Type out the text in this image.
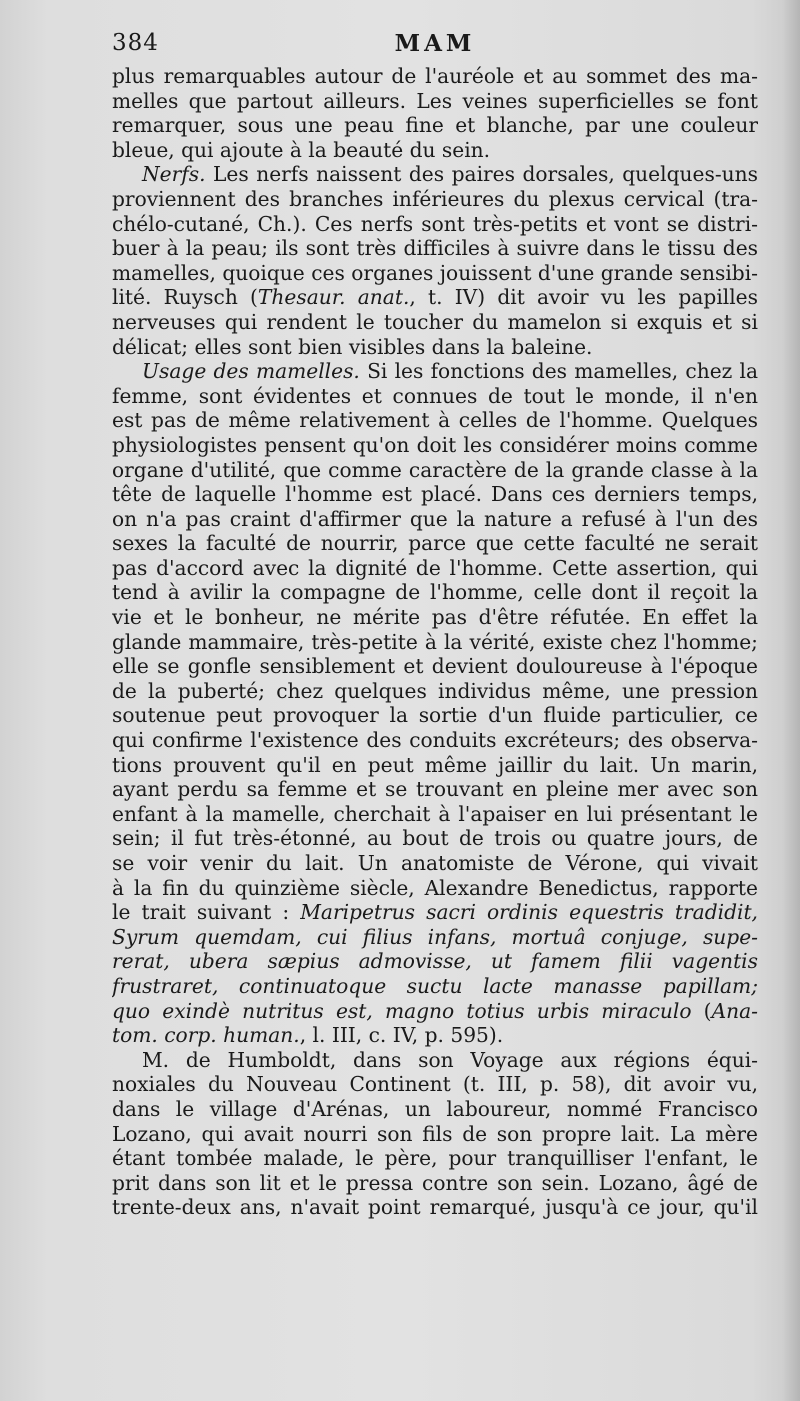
384	MAM
plus remarquables autour de l'auréole et au sommet des ma-
melles que partout ailleurs. Les veines superficielles se font
remarquer, sous une peau fine et blanche, par une couleur
bleue, qui ajoute à la beauté du sein.
Nerfs. Les nerfs naissent des paires dorsales, quelques-uns
proviennent des branches inférieures du plexus cervical (tra-
chélo-cutané, Ch.). Ces nerfs sont très-petits et vont se distri-
buer à la peau; ils sont très difficiles à suivre dans le tissu des
mamelles, quoique ces organes jouissent d'une grande sensibi-
lité. Ruysch (Thesaur. anat., t. IV) dit avoir vu les papilles
nerveuses qui rendent le toucher du mamelon si exquis et si
délicat; elles sont bien visibles dans la baleine.
Usage des mamelles. Si les fonctions des mamelles, chez la
femme, sont évidentes et connues de tout le monde, il n'en
est pas de même relativement à celles de l'homme. Quelques
physiologistes pensent qu'on doit les considérer moins comme
organe d'utilité, que comme caractère de la grande classe à la
tête de laquelle l'homme est placé. Dans ces derniers temps,
on n'a pas craint d'affirmer que la nature a refusé à l'un des
sexes la faculté de nourrir, parce que cette faculté ne serait
pas d'accord avec la dignité de l'homme. Cette assertion, qui
tend à avilir la compagne de l'homme, celle dont il reçoit la
vie et le bonheur, ne mérite pas d'être réfutée. En effet la
glande mammaire, très-petite à la vérité, existe chez l'homme;
elle se gonfle sensiblement et devient douloureuse à l'époque
de la puberté; chez quelques individus même, une pression
soutenue peut provoquer la sortie d'un fluide particulier, ce
qui confirme l'existence des conduits excréteurs; des observa-
tions prouvent qu'il en peut même jaillir du lait. Un marin,
ayant perdu sa femme et se trouvant en pleine mer avec son
enfant à la mamelle, cherchait à l'apaiser en lui présentant le
sein; il fut très-étonné, au bout de trois ou quatre jours, de
se voir venir du lait. Un anatomiste de Vérone, qui vivait
à la fin du quinzième siècle, Alexandre Benedictus, rapporte
le trait suivant : Maripetrus sacri ordinis equestris tradidit,
Syrum quemdam, cui filius infans, mortuâ conjuge, supe-
rerat, ubera sæpius admovisse, ut famem filii vagentis
frustraret, continuatoque suctu lacte manasse papillam;
quo exindè nutritus est, magno totius urbis miraculo (Ana-
tom. corp. human., l. III, c. IV, p. 595).
M. de Humboldt, dans son Voyage aux régions équi-
noxiales du Nouveau Continent (t. III, p. 58), dit avoir vu,
dans le village d'Arénas, un laboureur, nommé Francisco
Lozano, qui avait nourri son fils de son propre lait. La mère
étant tombée malade, le père, pour tranquilliser l'enfant, le
prit dans son lit et le pressa contre son sein. Lozano, âgé de
trente-deux ans, n'avait point remarqué, jusqu'à ce jour, qu'il
